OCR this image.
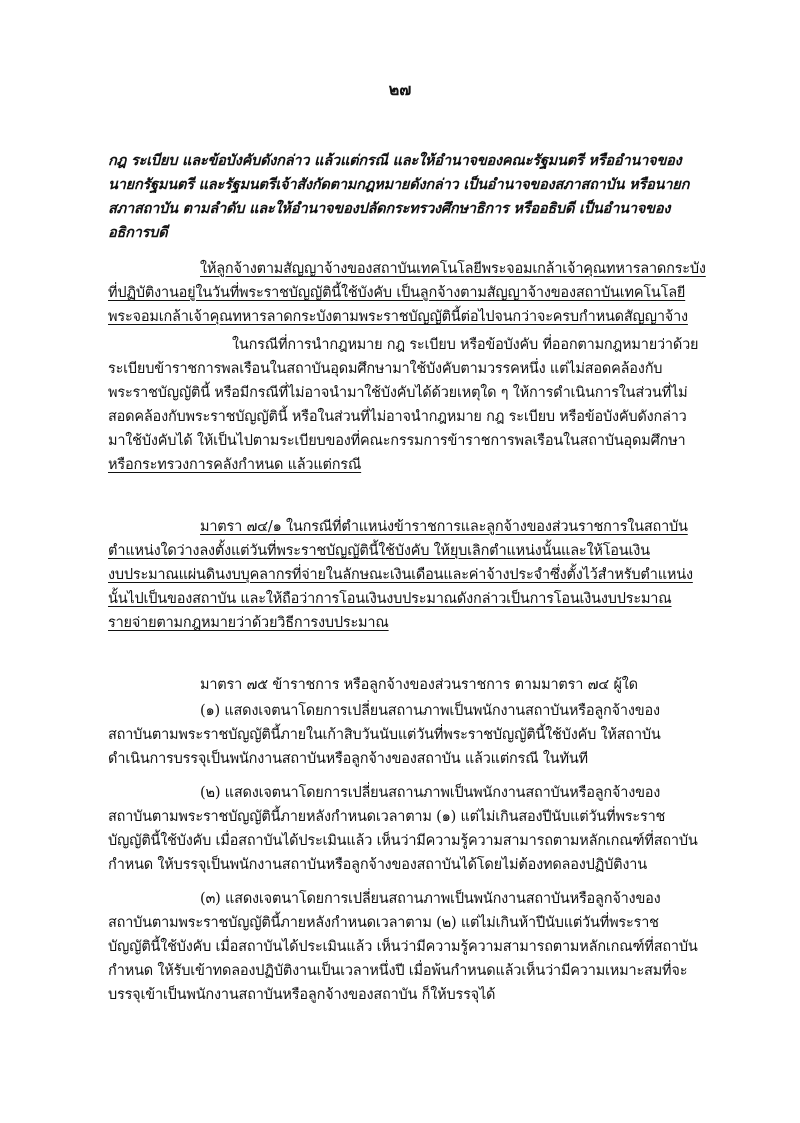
๒๗
กฎ ระเบียบ และข้อบังคับดังกล่าว แล้วแต่กรณี และให้อำนาจของคณะรัฐมนตรี หรืออำนาจของ
นายกรัฐมนตรี และรัฐมนตรีเจ้าสังกัดตามกฎหมายดังกล่าว เป็นอำนาจของสภาสถาบัน หรือนายก
สภาสถาบัน ตามลำดับ และให้อำนาจของปลัดกระทรวงศึกษาธิการ หรืออธิบดี เป็นอำนาจของ
อธิการบดี
ให้ลูกจ้างตามสัญญาจ้างของสถาบันเทคโนโลยีพระจอมเกล้าเจ้าคุณทหารลาดกระบัง
ที่ปฏิบัติงานอยู่ในวันที่พระราชบัญญัตินี้ใช้บังคับ เป็นลูกจ้างตามสัญญาจ้างของสถาบันเทคโนโลยี
พระจอมเกล้าเจ้าคุณทหารลาดกระบังตามพระราชบัญญัตินี้ต่อไปจนกว่าจะครบกำหนดสัญญาจ้าง
ในกรณีที่การนำกฎหมาย กฎ ระเบียบ หรือข้อบังคับ ที่ออกตามกฎหมายว่าด้วย
ระเบียบข้าราชการพลเรือนในสถาบันอุดมศึกษามาใช้บังคับตามวรรคหนึ่ง แต่ไม่สอดคล้องกับ
พระราชบัญญัตินี้ หรือมีกรณีที่ไม่อาจนำมาใช้บังคับได้ด้วยเหตุใด ๆ ให้การดำเนินการในส่วนที่ไม่
สอดคล้องกับพระราชบัญญัตินี้ หรือในส่วนที่ไม่อาจนำกฎหมาย กฎ ระเบียบ หรือข้อบังคับดังกล่าว
มาใช้บังคับได้ ให้เป็นไปตามระเบียบของที่คณะกรรมการข้าราชการพลเรือนในสถาบันอุดมศึกษา
หรือกระทรวงการคลังกำหนด แล้วแต่กรณี
มาตรา ๗๔/๑ ในกรณีที่ตำแหน่งข้าราชการและลูกจ้างของส่วนราชการในสถาบัน
ตำแหน่งใดว่างลงตั้งแต่วันที่พระราชบัญญัตินี้ใช้บังคับ ให้ยุบเลิกตำแหน่งนั้นและให้โอนเงิน
งบประมาณแผ่นดินงบบุคลากรที่จ่ายในลักษณะเงินเดือนและค่าจ้างประจำซึ่งตั้งไว้สำหรับตำแหน่ง
นั้นไปเป็นของสถาบัน และให้ถือว่าการโอนเงินงบประมาณดังกล่าวเป็นการโอนเงินงบประมาณ
รายจ่ายตามกฎหมายว่าด้วยวิธีการงบประมาณ
มาตรา ๗๕ ข้าราชการ หรือลูกจ้างของส่วนราชการ ตามมาตรา ๗๔ ผู้ใด
(๑) แสดงเจตนาโดยการเปลี่ยนสถานภาพเป็นพนักงานสถาบันหรือลูกจ้างของ
สถาบันตามพระราชบัญญัตินี้ภายในเก้าสิบวันนับแต่วันที่พระราชบัญญัตินี้ใช้บังคับ ให้สถาบัน
ดำเนินการบรรจุเป็นพนักงานสถาบันหรือลูกจ้างของสถาบัน แล้วแต่กรณี ในทันที
(๒) แสดงเจตนาโดยการเปลี่ยนสถานภาพเป็นพนักงานสถาบันหรือลูกจ้างของ
สถาบันตามพระราชบัญญัตินี้ภายหลังกำหนดเวลาตาม (๑) แต่ไม่เกินสองปีนับแต่วันที่พระราช
บัญญัตินี้ใช้บังคับ เมื่อสถาบันได้ประเมินแล้ว เห็นว่ามีความรู้ความสามารถตามหลักเกณฑ์ที่สถาบัน
กำหนด ให้บรรจุเป็นพนักงานสถาบันหรือลูกจ้างของสถาบันได้โดยไม่ต้องทดลองปฏิบัติงาน
(๓) แสดงเจตนาโดยการเปลี่ยนสถานภาพเป็นพนักงานสถาบันหรือลูกจ้างของ
สถาบันตามพระราชบัญญัตินี้ภายหลังกำหนดเวลาตาม (๒) แต่ไม่เกินห้าปีนับแต่วันที่พระราช
บัญญัตินี้ใช้บังคับ เมื่อสถาบันได้ประเมินแล้ว เห็นว่ามีความรู้ความสามารถตามหลักเกณฑ์ที่สถาบัน
กำหนด ให้รับเข้าทดลองปฏิบัติงานเป็นเวลาหนึ่งปี เมื่อพ้นกำหนดแล้วเห็นว่ามีความเหมาะสมที่จะ
บรรจุเข้าเป็นพนักงานสถาบันหรือลูกจ้างของสถาบัน ก็ให้บรรจุได้
